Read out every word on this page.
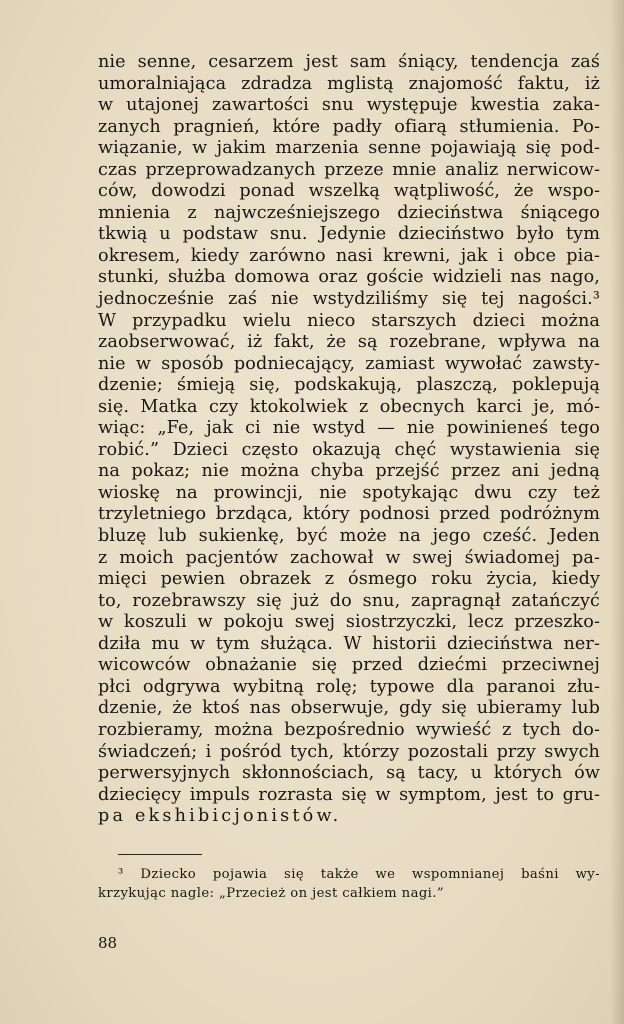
nie senne, cesarzem jest sam śniący, tendencja zaś
umoralniająca zdradza mglistą znajomość faktu, iż
w utajonej zawartości snu występuje kwestia zaka-
zanych pragnień, które padły ofiarą stłumienia. Po-
wiązanie, w jakim marzenia senne pojawiają się pod-
czas przeprowadzanych przeze mnie analiz nerwicow-
ców, dowodzi ponad wszelką wątpliwość, że wspo-
mnienia z najwcześniejszego dzieciństwa śniącego
tkwią u podstaw snu. Jedynie dzieciństwo było tym
okresem, kiedy zarówno nasi krewni, jak i obce pia-
stunki, służba domowa oraz goście widzieli nas nago,
jednocześnie zaś nie wstydziliśmy się tej nagości.³
W przypadku wielu nieco starszych dzieci można
zaobserwować, iż fakt, że są rozebrane, wpływa na
nie w sposób podniecający, zamiast wywołać zawsty-
dzenie; śmieją się, podskakują, plaszczą, poklepują
się. Matka czy ktokolwiek z obecnych karci je, mó-
wiąc: „Fe, jak ci nie wstyd — nie powinieneś tego
robić.” Dzieci często okazują chęć wystawienia się
na pokaz; nie można chyba przejść przez ani jedną
wioskę na prowincji, nie spotykając dwu czy też
trzyletniego brzdąca, który podnosi przed podróżnym
bluzę lub sukienkę, być może na jego cześć. Jeden
z moich pacjentów zachował w swej świadomej pa-
mięci pewien obrazek z ósmego roku życia, kiedy
to, rozebrawszy się już do snu, zapragnął zatańczyć
w koszuli w pokoju swej siostrzyczki, lecz przeszko-
dziła mu w tym służąca. W historii dzieciństwa ner-
wicowców obnażanie się przed dziećmi przeciwnej
płci odgrywa wybitną rolę; typowe dla paranoi złu-
dzenie, że ktoś nas obserwuje, gdy się ubieramy lub
rozbieramy, można bezpośrednio wywieść z tych do-
świadczeń; i pośród tych, którzy pozostali przy swych
perwersyjnych skłonnościach, są tacy, u których ów
dziecięcy impuls rozrasta się w symptom, jest to gru-
pa ekshibicjonistów.
³ Dziecko pojawia się także we wspomnianej baśni wy-
krzykując nagle: „Przecież on jest całkiem nagi.”
88
